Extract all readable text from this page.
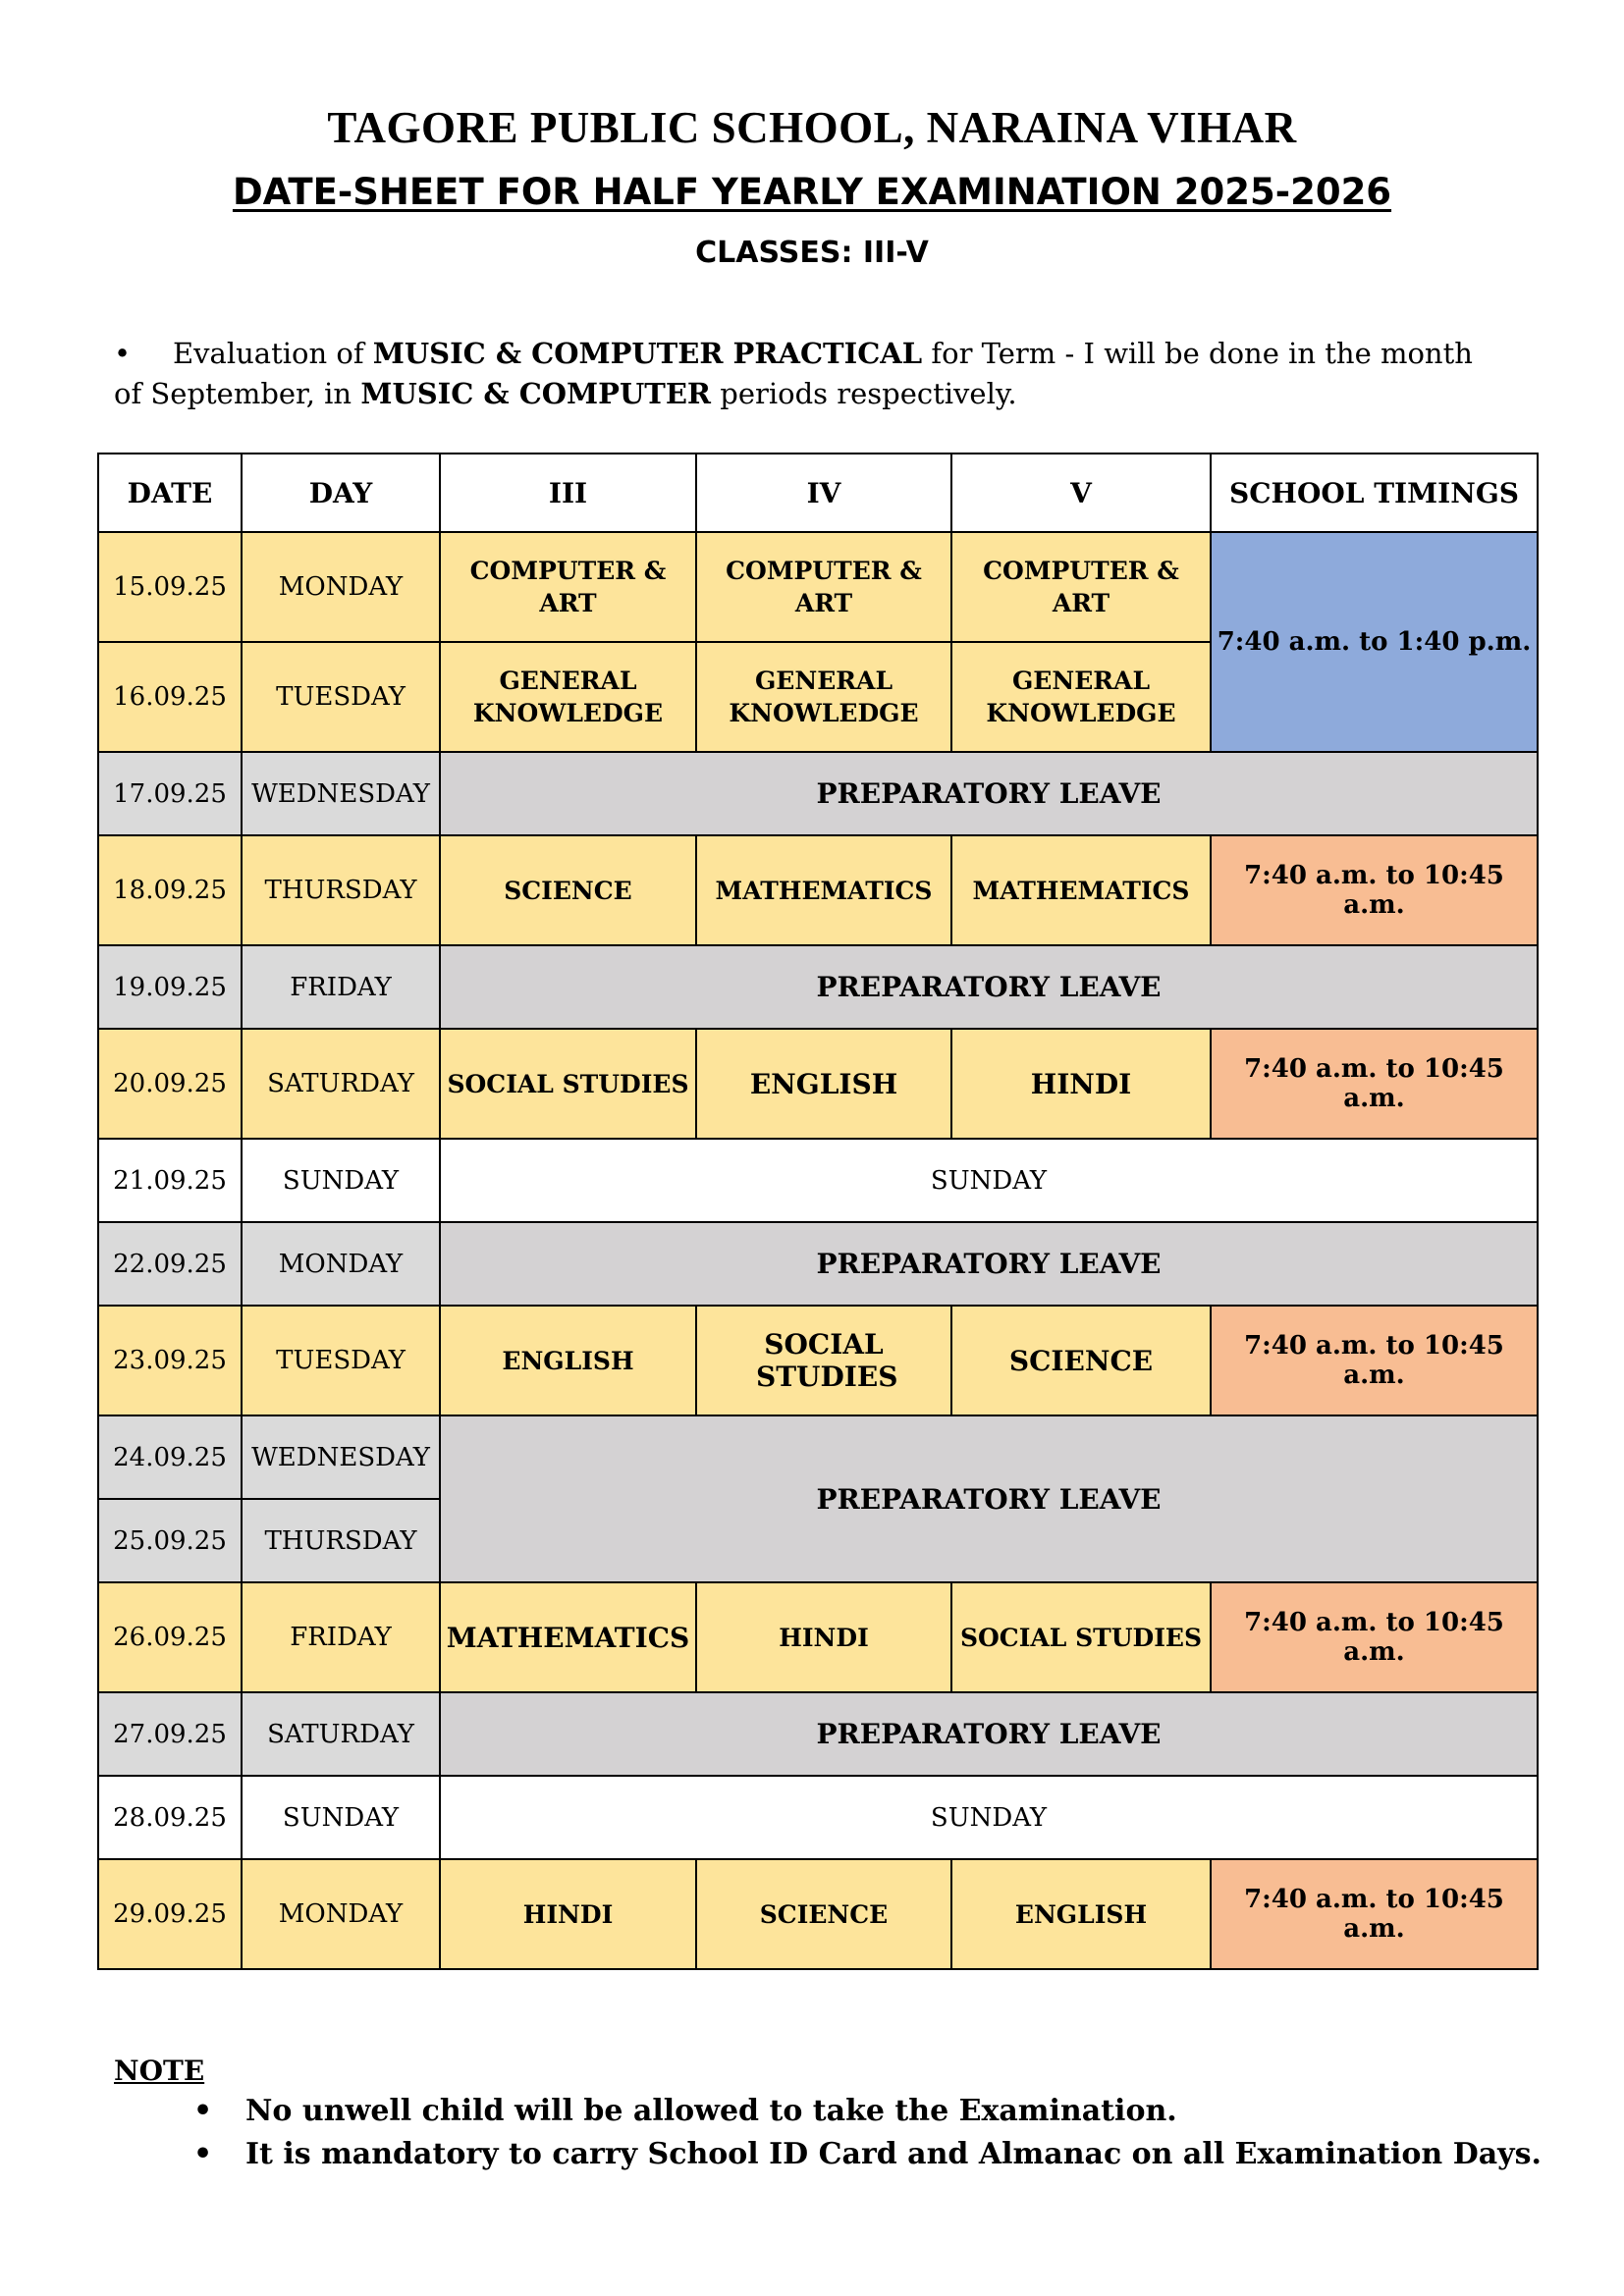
TAGORE PUBLIC SCHOOL, NARAINA VIHAR
DATE-SHEET FOR HALF YEARLY EXAMINATION 2025-2026
CLASSES: III-V
• Evaluation of MUSIC & COMPUTER PRACTICAL for Term - I will be done in the month of September, in MUSIC & COMPUTER periods respectively.
DATE	DAY	III	IV	V	SCHOOL TIMINGS
15.09.25	MONDAY	COMPUTER & ART	COMPUTER & ART	COMPUTER & ART	7:40 a.m. to 1:40 p.m.
16.09.25	TUESDAY	GENERAL KNOWLEDGE	GENERAL KNOWLEDGE	GENERAL KNOWLEDGE	
17.09.25	WEDNESDAY	PREPARATORY LEAVE			
18.09.25	THURSDAY	SCIENCE	MATHEMATICS	MATHEMATICS	7:40 a.m. to 10:45 a.m.
19.09.25	FRIDAY	PREPARATORY LEAVE			
20.09.25	SATURDAY	SOCIAL STUDIES	ENGLISH	HINDI	7:40 a.m. to 10:45 a.m.
21.09.25	SUNDAY	SUNDAY			
22.09.25	MONDAY	PREPARATORY LEAVE			
23.09.25	TUESDAY	ENGLISH	SOCIAL STUDIES	SCIENCE	7:40 a.m. to 10:45 a.m.
24.09.25	WEDNESDAY	PREPARATORY LEAVE			
25.09.25	THURSDAY				
26.09.25	FRIDAY	MATHEMATICS	HINDI	SOCIAL STUDIES	7:40 a.m. to 10:45 a.m.
27.09.25	SATURDAY	PREPARATORY LEAVE			
28.09.25	SUNDAY	SUNDAY			
29.09.25	MONDAY	HINDI	SCIENCE	ENGLISH	7:40 a.m. to 10:45 a.m.
NOTE
• No unwell child will be allowed to take the Examination.
• It is mandatory to carry School ID Card and Almanac on all Examination Days.
